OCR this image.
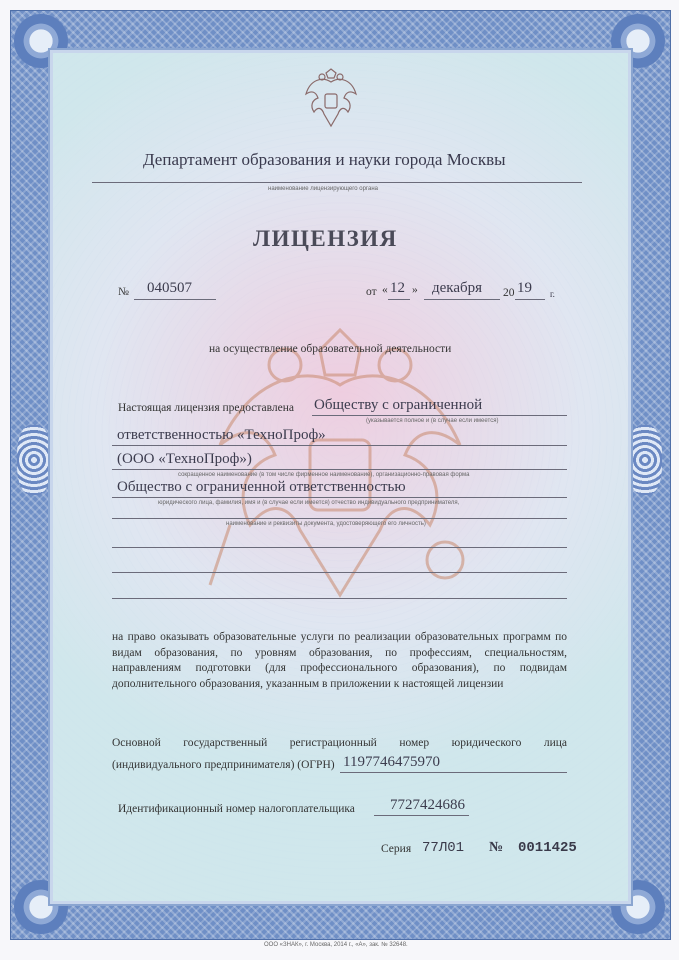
Департамент образования и науки города Москвы
наименование лицензирующего органа
ЛИЦЕНЗИЯ
№ 040507	от « 12 » декабря 20 19 г.
на осуществление образовательной деятельности
Настоящая лицензия предоставлена Обществу с ограниченной
(указывается полное и (в случае если имеется)
ответственностью «ТехноПроф»
(ООО «ТехноПроф»)
сокращенное наименование (в том числе фирменное наименование), организационно-правовая форма
Общество с ограниченной ответственностью
юридического лица, фамилия, имя и (в случае если имеется) отчество индивидуального предпринимателя,
наименование и реквизиты документа, удостоверяющего его личность)
на право оказывать образовательные услуги по реализации образовательных программ по видам образования, по уровням образования, по профессиям, специальностям, направлениям подготовки (для профессионального образования), по подвидам дополнительного образования, указанным в приложении к настоящей лицензии
Основной государственный регистрационный номер юридического лица
(индивидуального предпринимателя) (ОГРН) 1197746475970
Идентификационный номер налогоплательщика 7727424686
Серия 77Л01 № 0011425
ООО «ЗНАК», г. Москва, 2014 г., «А», зак. № 32648.
